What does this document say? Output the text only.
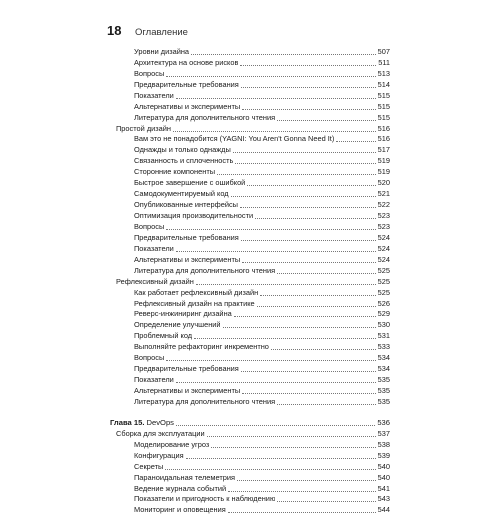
18	Оглавление
Уровни дизайна	507
Архитектура на основе рисков	511
Вопросы	513
Предварительные требования	514
Показатели	515
Альтернативы и эксперименты	515
Литература для дополнительного чтения	515
Простой дизайн	516
Вам это не понадобится (YAGNI: You Aren't Gonna Need It)	516
Однажды и только однажды	517
Связанность и сплоченность	519
Сторонние компоненты	519
Быстрое завершение с ошибкой	520
Самодокументируемый код	521
Опубликованные интерфейсы	522
Оптимизация производительности	523
Вопросы	523
Предварительные требования	524
Показатели	524
Альтернативы и эксперименты	524
Литература для дополнительного чтения	525
Рефлексивный дизайн	525
Как работает рефлексивный дизайн	525
Рефлексивный дизайн на практике	526
Реверс-инжиниринг дизайна	529
Определение улучшений	530
Проблемный код	531
Выполняйте рефакторинг инкрементно	533
Вопросы	534
Предварительные требования	534
Показатели	535
Альтернативы и эксперименты	535
Литература для дополнительного чтения	535
Глава 15. DevOps	536
Сборка для эксплуатации	537
Моделирование угроз	538
Конфигурация	539
Секреты	540
Параноидальная телеметрия	540
Ведение журнала событий	541
Показатели и пригодность к наблюдению	543
Мониторинг и оповещения	544
